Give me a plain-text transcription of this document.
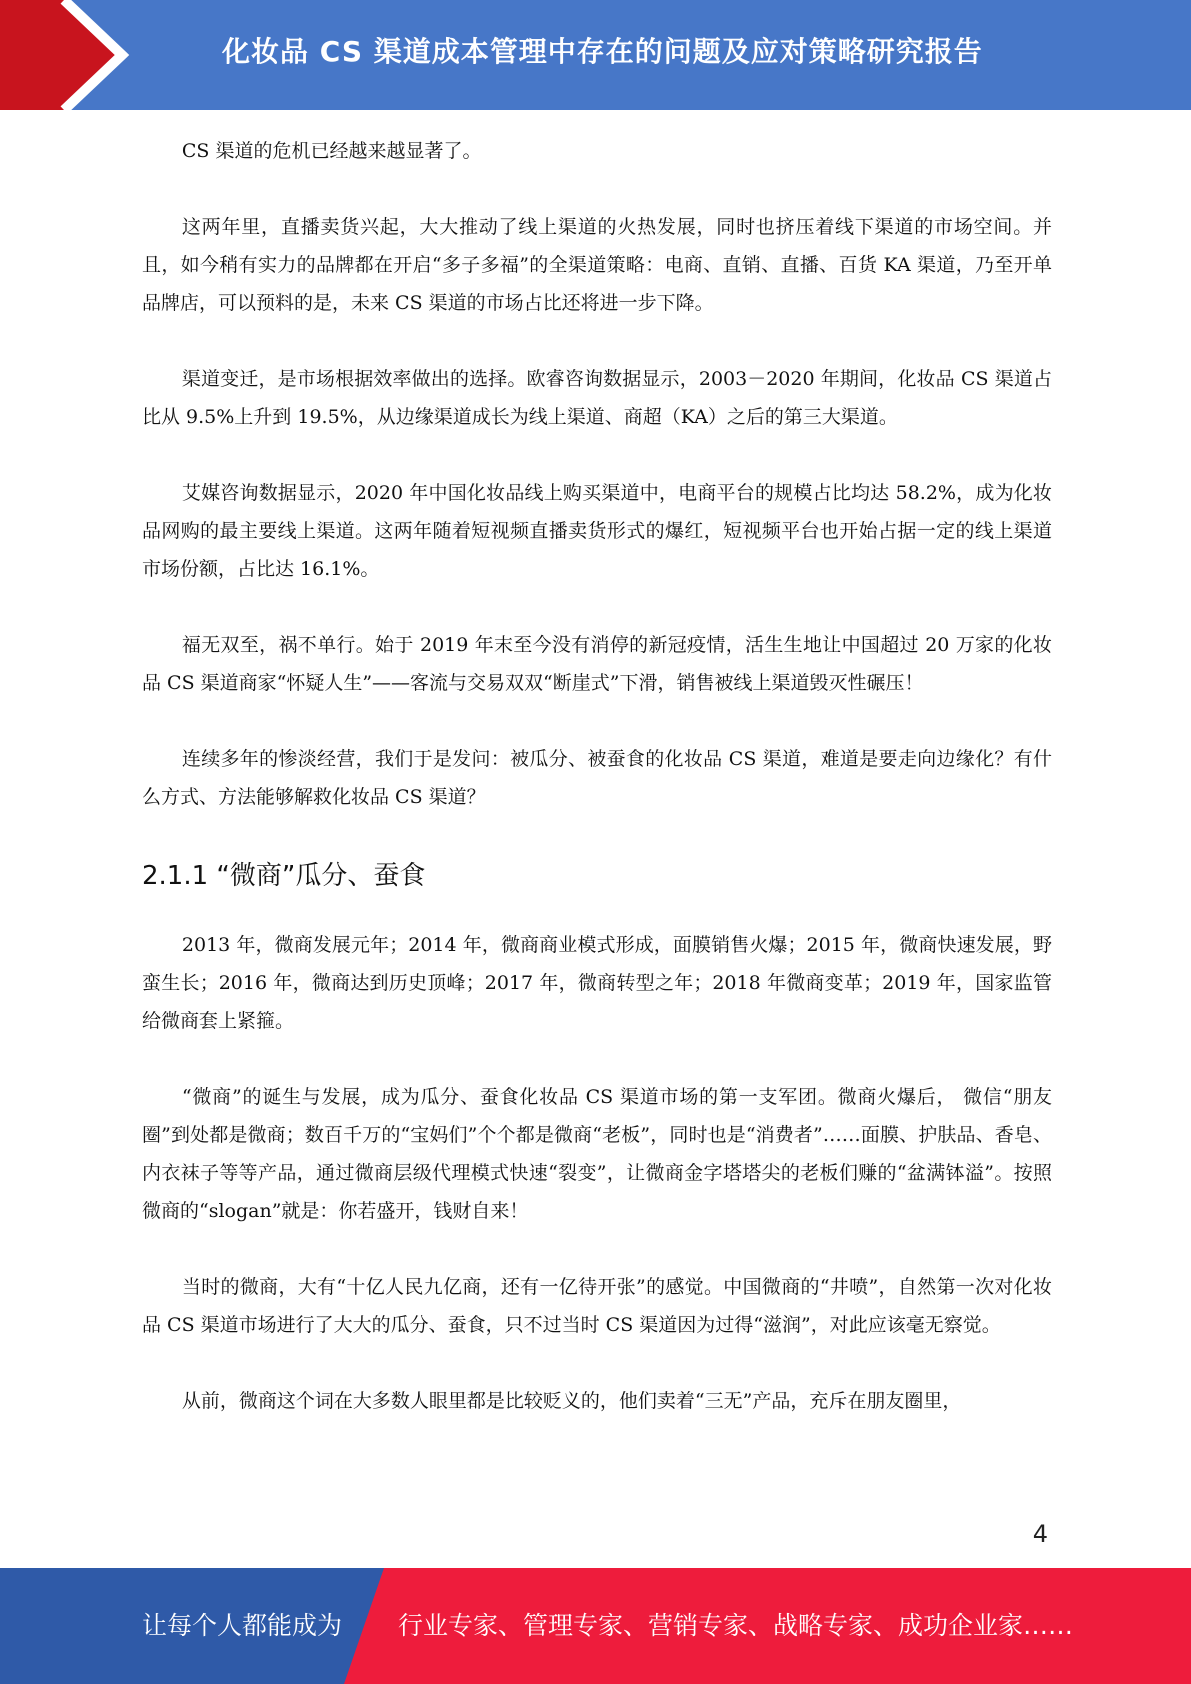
化妆品 CS 渠道成本管理中存在的问题及应对策略研究报告

CS 渠道的危机已经越来越显著了。

这两年里，直播卖货兴起，大大推动了线上渠道的火热发展，同时也挤压着线下渠道的市场空间。并且，如今稍有实力的品牌都在开启“多子多福”的全渠道策略：电商、直销、直播、百货 KA 渠道，乃至开单品牌店，可以预料的是，未来 CS 渠道的市场占比还将进一步下降。

渠道变迁，是市场根据效率做出的选择。欧睿咨询数据显示，2003－2020 年期间，化妆品 CS 渠道占比从 9.5%上升到 19.5%，从边缘渠道成长为线上渠道、商超（KA）之后的第三大渠道。

艾媒咨询数据显示，2020 年中国化妆品线上购买渠道中，电商平台的规模占比均达 58.2%，成为化妆品网购的最主要线上渠道。这两年随着短视频直播卖货形式的爆红，短视频平台也开始占据一定的线上渠道市场份额，占比达 16.1%。

福无双至，祸不单行。始于 2019 年末至今没有消停的新冠疫情，活生生地让中国超过 20 万家的化妆品 CS 渠道商家“怀疑人生”——客流与交易双双“断崖式”下滑，销售被线上渠道毁灭性碾压！

连续多年的惨淡经营，我们于是发问：被瓜分、被蚕食的化妆品 CS 渠道，难道是要走向边缘化？有什么方式、方法能够解救化妆品 CS 渠道？

2.1.1 “微商”瓜分、蚕食

2013 年，微商发展元年；2014 年，微商商业模式形成，面膜销售火爆；2015 年，微商快速发展，野蛮生长；2016 年，微商达到历史顶峰；2017 年，微商转型之年；2018 年微商变革；2019 年，国家监管给微商套上紧箍。

“微商”的诞生与发展，成为瓜分、蚕食化妆品 CS 渠道市场的第一支军团。微商火爆后， 微信“朋友圈”到处都是微商；数百千万的“宝妈们”个个都是微商“老板”，同时也是“消费者”……面膜、护肤品、香皂、内衣袜子等等产品，通过微商层级代理模式快速“裂变”，让微商金字塔塔尖的老板们赚的“盆满钵溢”。按照微商的“slogan”就是：你若盛开，钱财自来！

当时的微商，大有“十亿人民九亿商，还有一亿待开张”的感觉。中国微商的“井喷”，自然第一次对化妆品 CS 渠道市场进行了大大的瓜分、蚕食，只不过当时 CS 渠道因为过得“滋润”，对此应该毫无察觉。

从前，微商这个词在大多数人眼里都是比较贬义的，他们卖着“三无”产品，充斥在朋友圈里，

4
让每个人都能成为 行业专家、管理专家、营销专家、战略专家、成功企业家……
